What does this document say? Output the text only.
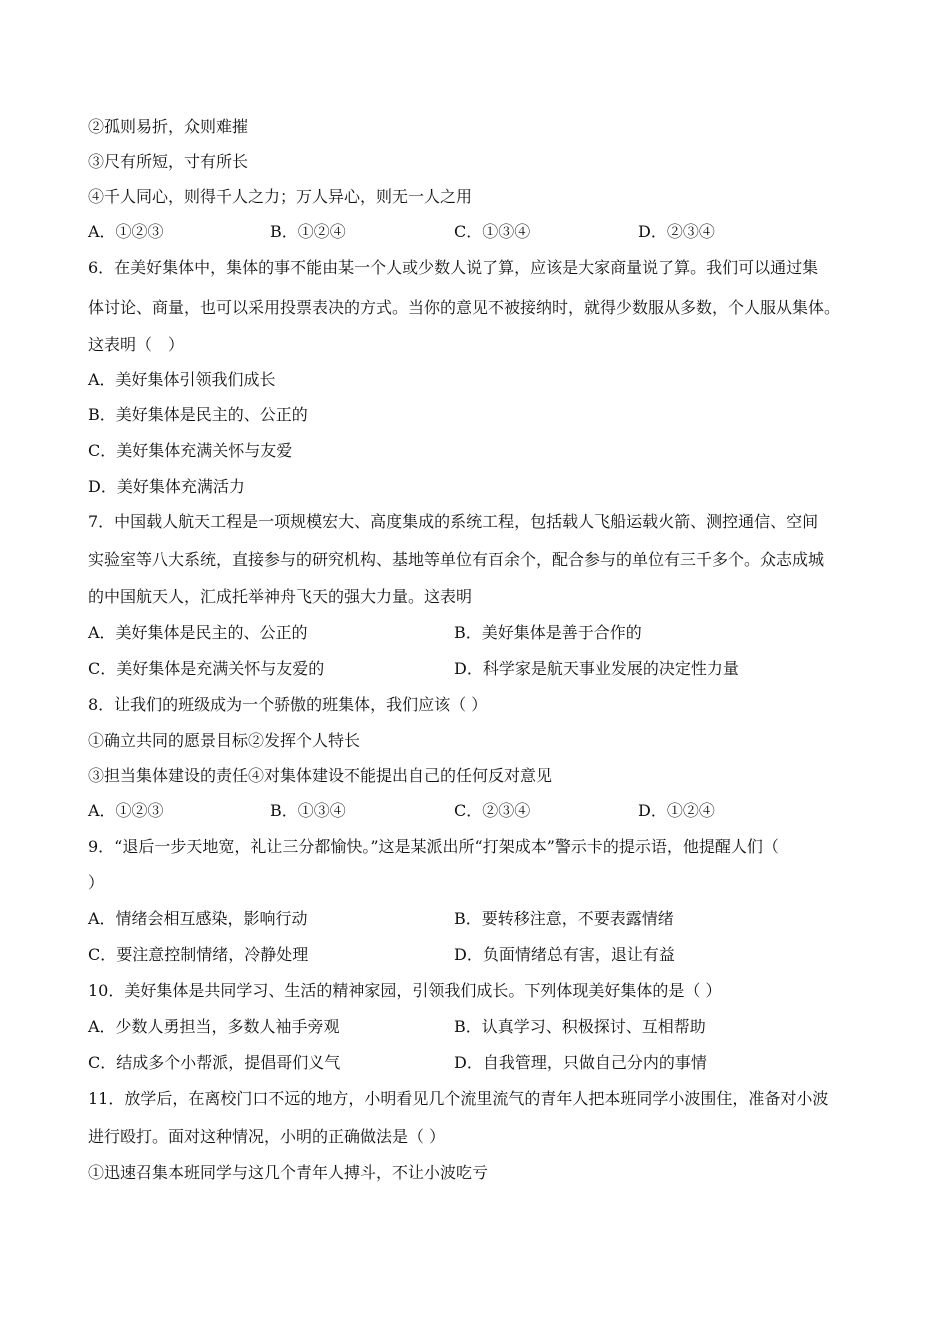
②孤则易折，众则难摧
③尺有所短，寸有所长
④千人同心，则得千人之力；万人异心，则无一人之用
A．①②③	B．①②④	C．①③④	D．②③④
6．在美好集体中，集体的事不能由某一个人或少数人说了算，应该是大家商量说了算。我们可以通过集
体讨论、商量，也可以采用投票表决的方式。当你的意见不被接纳时，就得少数服从多数，个人服从集体。
这表明（　）
A．美好集体引领我们成长
B．美好集体是民主的、公正的
C．美好集体充满关怀与友爱
D．美好集体充满活力
7．中国载人航天工程是一项规模宏大、高度集成的系统工程，包括载人飞船运载火箭、测控通信、空间
实验室等八大系统，直接参与的研究机构、基地等单位有百余个，配合参与的单位有三千多个。众志成城
的中国航天人，汇成托举神舟飞天的强大力量。这表明
A．美好集体是民主的、公正的	B．美好集体是善于合作的
C．美好集体是充满关怀与友爱的	D．科学家是航天事业发展的决定性力量
8．让我们的班级成为一个骄傲的班集体，我们应该（ ）
①确立共同的愿景目标②发挥个人特长
③担当集体建设的责任④对集体建设不能提出自己的任何反对意见
A．①②③	B．①③④	C．②③④	D．①②④
9．“退后一步天地宽，礼让三分都愉快。”这是某派出所“打架成本”警示卡的提示语，他提醒人们（
）
A．情绪会相互感染，影响行动	B．要转移注意，不要表露情绪
C．要注意控制情绪，冷静处理	D．负面情绪总有害，退让有益
10．美好集体是共同学习、生活的精神家园，引领我们成长。下列体现美好集体的是（ ）
A．少数人勇担当，多数人袖手旁观	B．认真学习、积极探讨、互相帮助
C．结成多个小帮派，提倡哥们义气	D．自我管理，只做自己分内的事情
11．放学后，在离校门口不远的地方，小明看见几个流里流气的青年人把本班同学小波围住，准备对小波
进行殴打。面对这种情况，小明的正确做法是（ ）
①迅速召集本班同学与这几个青年人搏斗，不让小波吃亏
